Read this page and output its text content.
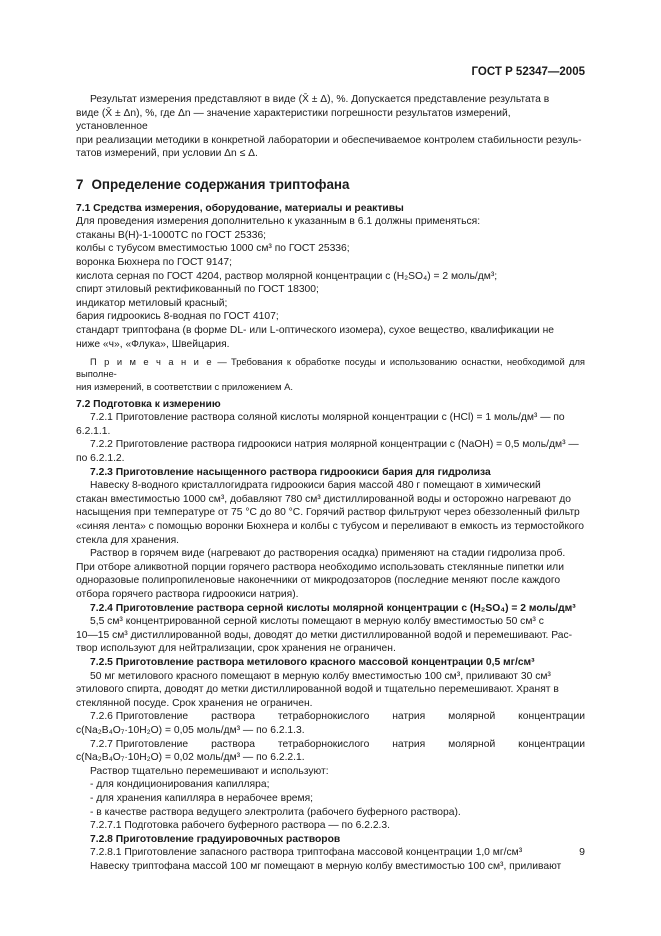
ГОСТ Р 52347—2005

Результат измерения представляют в виде (X̄ ± Δ), %. Допускается представление результата в

виде (X̄ ± Δn), %, где Δn — значение характеристики погрешности результатов измерений, установленное

при реализации методики в конкретной лаборатории и обеспечиваемое контролем стабильности резуль-

татов измерений, при условии Δn ≤ Δ.

7 Определение содержания триптофана

7.1 Средства измерения, оборудование, материалы и реактивы

Для проведения измерения дополнительно к указанным в 6.1 должны применяться:

стаканы В(Н)-1-1000ТС по ГОСТ 25336;

колбы с тубусом вместимостью 1000 см³ по ГОСТ 25336;

воронка Бюхнера по ГОСТ 9147;

кислота серная по ГОСТ 4204, раствор молярной концентрации c (H₂SO₄) = 2 моль/дм³;

спирт этиловый ректификованный по ГОСТ 18300;

индикатор метиловый красный;

бария гидроокись 8-водная по ГОСТ 4107;

стандарт триптофана (в форме DL- или L-оптического изомера), сухое вещество, квалификации не

ниже «ч», «Флука», Швейцария.

П р и м е ч а н и е — Требования к обработке посуды и использованию оснастки, необходимой для выполне-
ния измерений, в соответствии с приложением А.

7.2 Подготовка к измерению

7.2.1 Приготовление раствора соляной кислоты молярной концентрации c (HCl) = 1 моль/дм³ — по

6.2.1.1.

7.2.2 Приготовление раствора гидроокиси натрия молярной концентрации c (NaOH) = 0,5 моль/дм³ —

по 6.2.1.2.

7.2.3 Приготовление насыщенного раствора гидроокиси бария для гидролиза

Навеску 8-водного кристаллогидрата гидроокиси бария массой 480 г помещают в химический

стакан вместимостью 1000 см³, добавляют 780 см³ дистиллированной воды и осторожно нагревают до

насыщения при температуре от 75 °С до 80 °С. Горячий раствор фильтруют через обеззоленный фильтр

«синяя лента» с помощью воронки Бюхнера и колбы с тубусом и переливают в емкость из термостойкого

стекла для хранения.

Раствор в горячем виде (нагревают до растворения осадка) применяют на стадии гидролиза проб.

При отборе аликвотной порции горячего раствора необходимо использовать стеклянные пипетки или

одноразовые полипропиленовые наконечники от микродозаторов (последние меняют после каждого

отбора горячего раствора гидроокиси натрия).

7.2.4 Приготовление раствора серной кислоты молярной концентрации c (H₂SO₄) = 2 моль/дм³

5,5 см³ концентрированной серной кислоты помещают в мерную колбу вместимостью 50 см³ с

10—15 см³ дистиллированной воды, доводят до метки дистиллированной водой и перемешивают. Рас-

твор используют для нейтрализации, срок хранения не ограничен.

7.2.5 Приготовление раствора метилового красного массовой концентрации 0,5 мг/см³

50 мг метилового красного помещают в мерную колбу вместимостью 100 см³, приливают 30 см³

этилового спирта, доводят до метки дистиллированной водой и тщательно перемешивают. Хранят в

стеклянной посуде. Срок хранения не ограничен.

7.2.6 Приготовление раствора тетраборнокислого натрия молярной концентрации

c(Na₂B₄O₇·10H₂O) = 0,05 моль/дм³ — по 6.2.1.3.

7.2.7 Приготовление раствора тетраборнокислого натрия молярной концентрации

c(Na₂B₄O₇·10H₂O) = 0,02 моль/дм³ — по 6.2.2.1.

Раствор тщательно перемешивают и используют:

- для кондиционирования капилляра;

- для хранения капилляра в нерабочее время;

- в качестве раствора ведущего электролита (рабочего буферного раствора).

7.2.7.1 Подготовка рабочего буферного раствора — по 6.2.2.3.

7.2.8 Приготовление градуировочных растворов

7.2.8.1 Приготовление запасного раствора триптофана массовой концентрации 1,0 мг/см³

Навеску триптофана массой 100 мг помещают в мерную колбу вместимостью 100 см³, приливают

9
